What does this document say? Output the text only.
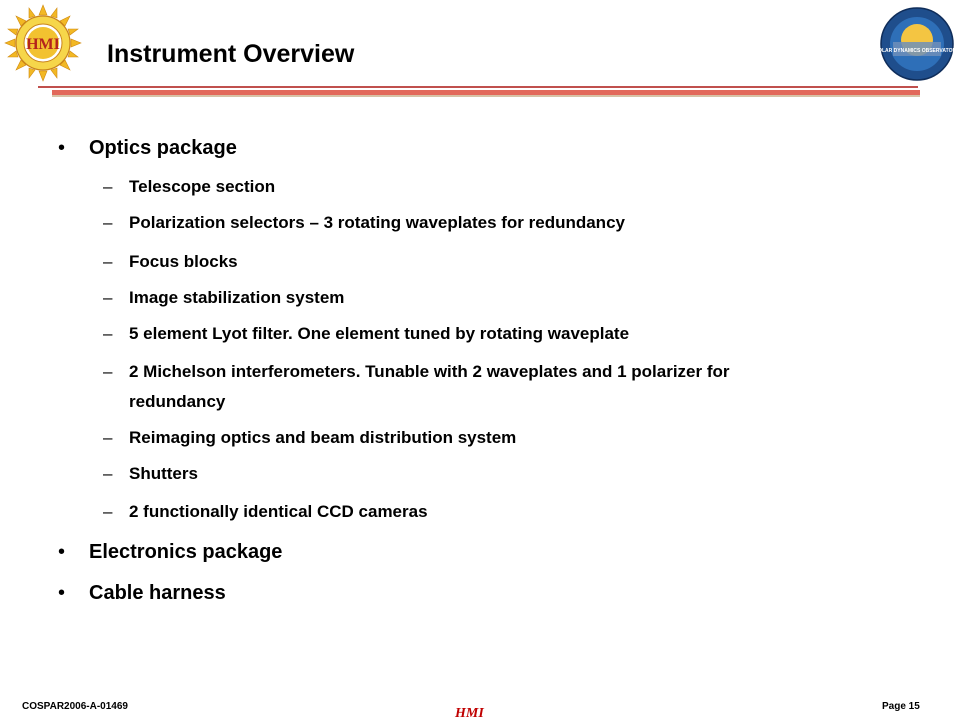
HMI Instrument Overview	SOLAR DYNAMICS OBSERVATORY
• Optics package
– Telescope section
– Polarization selectors – 3 rotating waveplates for redundancy
– Focus blocks
– Image stabilization system
– 5 element Lyot filter. One element tuned by rotating waveplate
– 2 Michelson interferometers. Tunable with 2 waveplates and 1 polarizer for
redundancy
– Reimaging optics and beam distribution system
– Shutters
– 2 functionally identical CCD cameras
• Electronics package
• Cable harness
COSPAR2006-A-01469	HMI	Page 15
